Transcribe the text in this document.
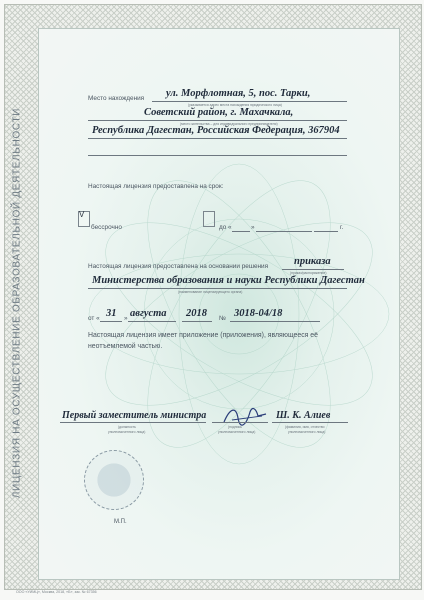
ЛИЦЕНЗИЯ НА ОСУЩЕСТВЛЕНИЕ ОБРАЗОВАТЕЛЬНОЙ ДЕЯТЕЛЬНОСТИ
Место нахождения ул. Морфлотная, 5, пос. Тарки,
(указывается адрес места нахождения юридического лица)
Советский район, г. Махачкала,
(место жительства – для индивидуального предпринимателя)
Республика Дагестан, Российская Федерация, 367904
Настоящая лицензия предоставлена на срок:
V
бессрочно	до «	»	г.
Настоящая лицензия предоставлена на основании решения приказа
(приказ/распоряжение)
Министерства образования и науки Республики Дагестан
(наименование лицензирующего органа)
от « 31 » августа 2018 № 3018-04/18
Настоящая лицензия имеет приложение (приложения), являющееся её
неотъемлемой частью.
Первый заместитель министра
(должность
уполномоченного лица)
(подпись
уполномоченного лица)
Ш. К. Алиев
(фамилия, имя, отчество
уполномоченного лица)
М.П.
ООО «УИМЦ», Москва, 2018, «Б», зак. № 67356
